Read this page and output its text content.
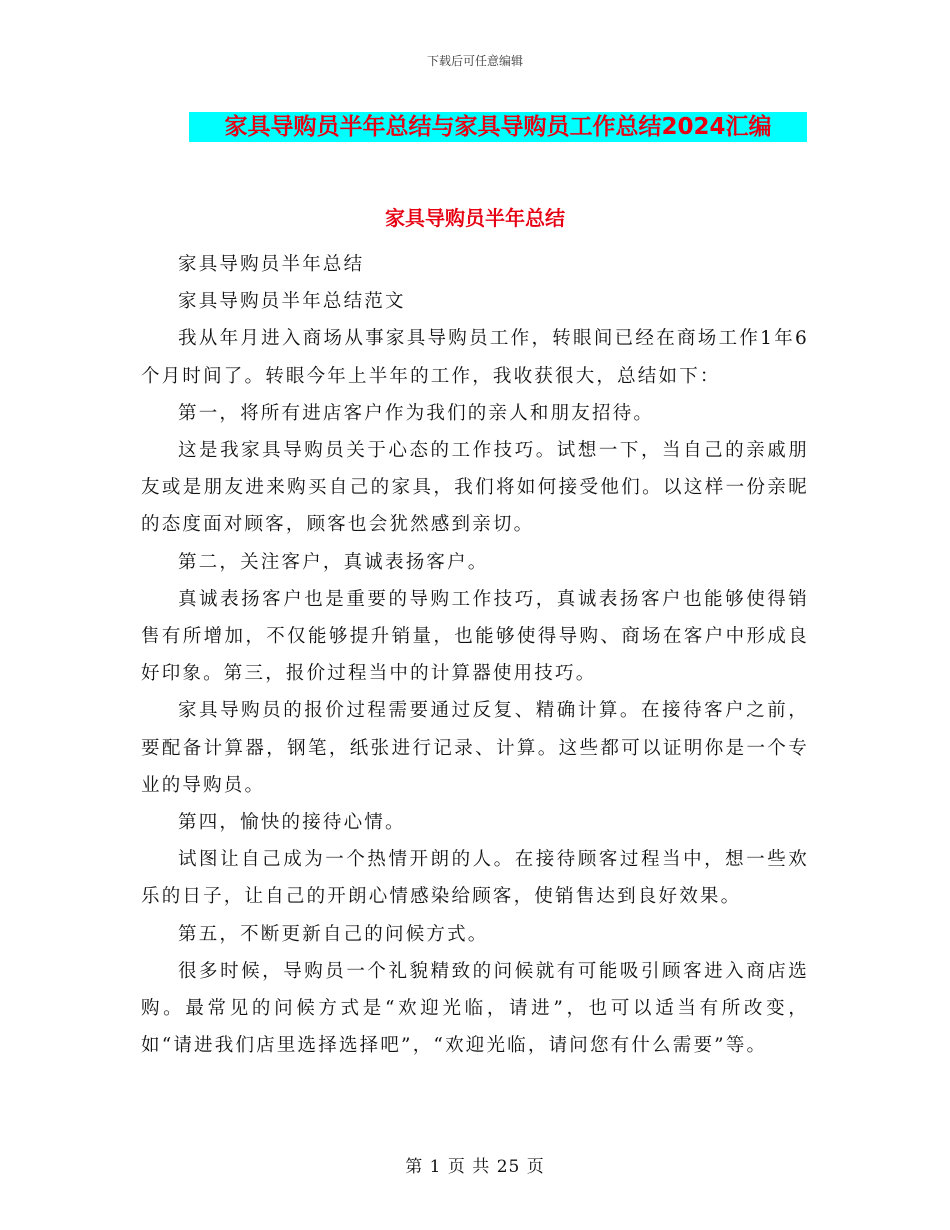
下载后可任意编辑
家具导购员半年总结与家具导购员工作总结2024汇编
家具导购员半年总结

家具导购员半年总结

家具导购员半年总结范文

我从年月进入商场从事家具导购员工作，转眼间已经在商场工作1年6个月时间了。转眼今年上半年的工作，我收获很大，总结如下：

第一，将所有进店客户作为我们的亲人和朋友招待。

这是我家具导购员关于心态的工作技巧。试想一下，当自己的亲戚朋友或是朋友进来购买自己的家具，我们将如何接受他们。以这样一份亲昵的态度面对顾客，顾客也会犹然感到亲切。

第二，关注客户，真诚表扬客户。

真诚表扬客户也是重要的导购工作技巧，真诚表扬客户也能够使得销售有所增加，不仅能够提升销量，也能够使得导购、商场在客户中形成良好印象。第三，报价过程当中的计算器使用技巧。

家具导购员的报价过程需要通过反复、精确计算。在接待客户之前，要配备计算器，钢笔，纸张进行记录、计算。这些都可以证明你是一个专业的导购员。

第四，愉快的接待心情。

试图让自己成为一个热情开朗的人。在接待顾客过程当中，想一些欢乐的日子，让自己的开朗心情感染给顾客，使销售达到良好效果。

第五，不断更新自己的问候方式。

很多时候，导购员一个礼貌精致的问候就有可能吸引顾客进入商店选购。最常见的问候方式是“欢迎光临，请进”，也可以适当有所改变，如“请进我们店里选择选择吧”，“欢迎光临，请问您有什么需要”等。

第 1 页 共 25 页
